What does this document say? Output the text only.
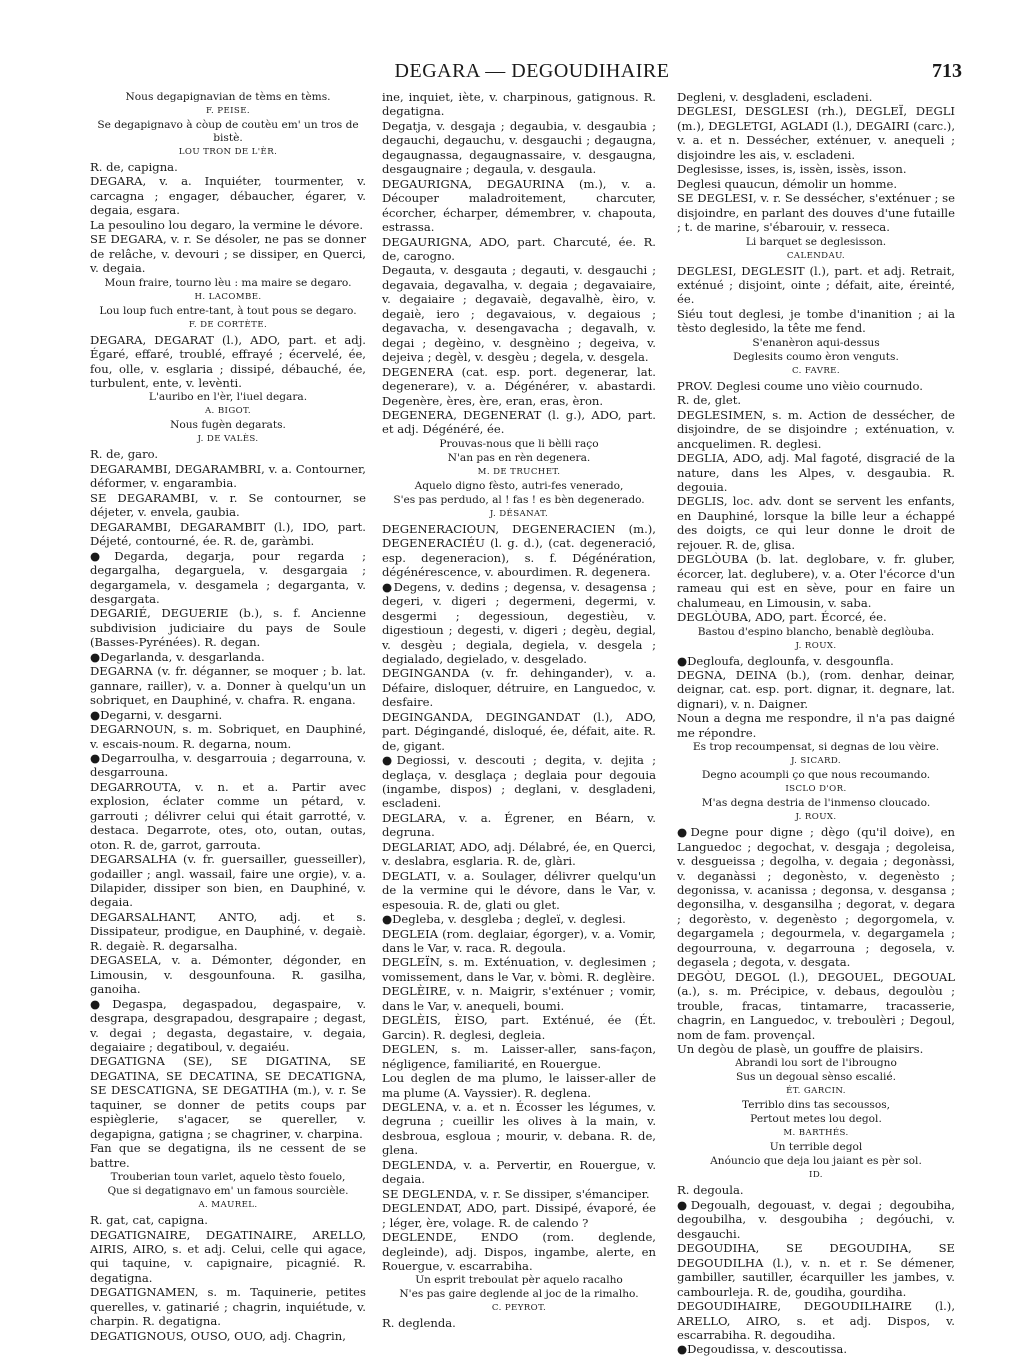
DEGARA — DEGOUDIHAIRE	713

Nous degapignavian de tèms en tèms.

F. PEISE.

Se degapignavo à còup de coutèu em' un tros de bistè.

LOU TRON DE L'ÈR.

R. de, capigna.

DEGARA, v. a. Inquiéter, tourmenter, v. carcagna ; engager, débaucher, égarer, v. degaia, esgara.

La pesoulino lou degaro, la vermine le dévore.

SE DEGARA, v. r. Se désoler, ne pas se donner de relâche, v. devouri ; se dissiper, en Querci, v. degaia.

Moun fraire, tourno lèu : ma maire se degaro.

H. LACOMBE.

Lou loup fuch entre-tant, à tout pous se degaro.

F. DE CORTÈTE.

DEGARA, DEGARAT (l.), ADO, part. et adj. Égaré, effaré, troublé, effrayé ; écervelé, ée, fou, olle, v. esglaria ; dissipé, débauché, ée, turbulent, ente, v. levènti.

L'auribo en l'èr, l'iuel degara.

A. BIGOT.

Nous fugèn degarats.

J. DE VALÈS.

R. de, garo.

DEGARAMBI, DEGARAMBRI, v. a. Contourner, déformer, v. engarambia.

SE DEGARAMBI, v. r. Se contourner, se déjeter, v. envela, gaubia.

DEGARAMBI, DEGARAMBIT (l.), IDO, part. Déjeté, contourné, ée. R. de, garàmbi.

●Degarda, degarja, pour regarda ; degargalha, degarguela, v. desgargaia ; degargamela, v. desgamela ; degarganta, v. desgargata.

DEGARIÉ, DEGUERIE (b.), s. f. Ancienne subdivision judiciaire du pays de Soule (Basses-Pyrénées). R. degan.

●Degarlanda, v. desgarlanda.

DEGARNA (v. fr. déganner, se moquer ; b. lat. gannare, railler), v. a. Donner à quelqu'un un sobriquet, en Dauphiné, v. chafra. R. engana.

●Degarni, v. desgarni.

DEGARNOUN, s. m. Sobriquet, en Dauphiné, v. escais-noum. R. degarna, noum.

●Degarroulha, v. desgarrouia ; degarrouna, v. desgarrouna.

DEGARROUTA, v. n. et a. Partir avec explosion, éclater comme un pétard, v. garrouti ; délivrer celui qui était garrotté, v. destaca. Degarrote, otes, oto, outan, outas, oton. R. de, garrot, garrouta.

DEGARSALHA (v. fr. guersailler, guesseiller), godailler ; angl. wassail, faire une orgie), v. a. Dilapider, dissiper son bien, en Dauphiné, v. degaia.

DEGARSALHANT, ANTO, adj. et s. Dissipateur, prodigue, en Dauphiné, v. degaiè. R. degaiè. R. degarsalha.

DEGASELA, v. a. Démonter, dégonder, en Limousin, v. desgounfouna. R. gasilha, ganoiha.

●Degaspa, degaspadou, degaspaire, v. desgrapa, desgrapadou, desgrapaire ; degast, v. degai ; degasta, degastaire, v. degaia, degaiaire ; degatiboul, v. degaiéu.

DEGATIGNA (SE), SE DIGATINA, SE DEGATINA, SE DECATINA, SE DECATIGNA, SE DESCATIGNA, SE DEGATIHA (m.), v. r. Se taquiner, se donner de petits coups par espièglerie, s'agacer, se quereller, v. degapigna, gatigna ; se chagriner, v. charpina.

Fan que se degatigna, ils ne cessent de se battre.

Trouberian toun varlet, aquelo tèsto fouelo,

Que si degatignavo em' un famous sourcièle.

A. MAUREL.

R. gat, cat, capigna.

DEGATIGNAIRE, DEGATINAIRE, ARELLO, AIRIS, AIRO, s. et adj. Celui, celle qui agace, qui taquine, v. capignaire, picagnié. R. degatigna.

DEGATIGNAMEN, s. m. Taquinerie, petites querelles, v. gatinarié ; chagrin, inquiétude, v. charpin. R. degatigna.

DEGATIGNOUS, OUSO, OUO, adj. Chagrin,

ine, inquiet, iète, v. charpinous, gatignous. R. degatigna.

Degatja, v. desgaja ; degaubia, v. desgaubia ; degauchi, degauchu, v. desgauchi ; degaugna, degaugnassa, degaugnassaire, v. desgaugna, desgaugnaire ; degaula, v. desgaula.

DEGAURIGNA, DEGAURINA (m.), v. a. Découper maladroitement, charcuter, écorcher, écharper, démembrer, v. chapouta, estrassa.

DEGAURIGNA, ADO, part. Charcuté, ée. R. de, carogno.

Degauta, v. desgauta ; degauti, v. desgauchi ; degavaia, degavalha, v. degaia ; degavaiaire, v. degaiaire ; degavaiè, degavalhè, èiro, v. degaiè, iero ; degavaious, v. degaious ; degavacha, v. desengavacha ; degavalh, v. degai ; degèino, v. desgnèino ; degeiva, v. dejeiva ; degèl, v. desgèu ; degela, v. desgela.

DEGENERA (cat. esp. port. degenerar, lat. degenerare), v. a. Dégénérer, v. abastardi. Degenère, ères, ère, eran, eras, èron.

DEGENERA, DEGENERAT (l. g.), ADO, part. et adj. Dégénéré, ée.

Prouvas-nous que li bèlli raço

N'an pas en rèn degenera.

M. DE TRUCHET.

Aquelo digno fèsto, autri-fes venerado,

S'es pas perdudo, al ! fas ! es bèn degenerado.

J. DÉSANAT.

DEGENERACIOUN, DEGENERACIEN (m.), DEGENERACIÉU (l. g. d.), (cat. degeneració, esp. degeneracion), s. f. Dégénération, dégénérescence, v. abourdimen. R. degenera.

●Degens, v. dedins ; degensa, v. desagensa ; degeri, v. digeri ; degermeni, degermi, v. desgermi ; degessioun, degestièu, v. digestioun ; degesti, v. digeri ; degèu, degial, v. desgèu ; degiala, degiela, v. desgela ; degialado, degielado, v. desgelado.

DEGINGANDA (v. fr. dehingander), v. a. Défaire, disloquer, détruire, en Languedoc, v. desfaire.

DEGINGANDA, DEGINGANDAT (l.), ADO, part. Dégingandé, disloqué, ée, défait, aite. R. de, gigant.

●Degiossi, v. descouti ; degita, v. dejita ; deglaça, v. desglaça ; deglaia pour degouia (ingambe, dispos) ; deglani, v. desgladeni, escladeni.

DEGLARA, v. a. Égrener, en Béarn, v. degruna.

DEGLARIAT, ADO, adj. Délabré, ée, en Querci, v. deslabra, esglaria. R. de, glàri.

DEGLATI, v. a. Soulager, délivrer quelqu'un de la vermine qui le dévore, dans le Var, v. espesouia. R. de, glati ou glet.

●Degleba, v. desgleba ; degleï, v. deglesi.

DEGLEIA (rom. deglaiar, égorger), v. a. Vomir, dans le Var, v. raca. R. degoula.

DEGLEÏN, s. m. Exténuation, v. deglesimen ; vomissement, dans le Var, v. bòmi. R. deglèire.

DEGLÈIRE, v. n. Maigrir, s'exténuer ; vomir, dans le Var, v. anequeli, boumi.

DEGLÈIS, ÈISO, part. Exténué, ée (Ét. Garcin). R. deglesi, degleia.

DEGLEN, s. m. Laisser-aller, sans-façon, négligence, familiarité, en Rouergue.

Lou deglen de ma plumo, le laisser-aller de ma plume (A. Vayssier). R. deglena.

DEGLENA, v. a. et n. Écosser les légumes, v. degruna ; cueillir les olives à la main, v. desbroua, esgloua ; mourir, v. debana. R. de, glena.

DEGLENDA, v. a. Pervertir, en Rouergue, v. degaia.

SE DEGLENDA, v. r. Se dissiper, s'émanciper.

DEGLENDAT, ADO, part. Dissipé, évaporé, ée ; léger, ère, volage. R. de calendo ?

DEGLENDE, ENDO (rom. deglende, degleinde), adj. Dispos, ingambe, alerte, en Rouergue, v. escarrabiha.

Un esprit treboulat pèr aquelo racalho

N'es pas gaire deglende al joc de la rimalho.

C. PEYROT.

R. deglenda.

Degleni, v. desgladeni, escladeni.

DEGLESI, DESGLESI (rh.), DEGLEÏ, DEGLI (m.), DEGLETGI, AGLADI (l.), DEGAIRI (carc.), v. a. et n. Dessécher, exténuer, v. anequeli ; disjoindre les ais, v. escladeni.

Deglesisse, isses, is, issèn, issès, isson.

Deglesi quaucun, démolir un homme.

SE DEGLESI, v. r. Se dessécher, s'exténuer ; se disjoindre, en parlant des douves d'une futaille ; t. de marine, s'ébarouir, v. resseca.

Li barquet se deglesisson.

CALENDAU.

DEGLESI, DEGLESIT (l.), part. et adj. Retrait, exténué ; disjoint, ointe ; défait, aite, éreinté, ée.

Siéu tout deglesi, je tombe d'inanition ; ai la tèsto deglesido, la tête me fend.

S'enanèron aqui-dessus

Deglesits coumo èron venguts.

C. FAVRE.

PROV. Deglesi coume uno vièio cournudo.

R. de, glet.

DEGLESIMEN, s. m. Action de dessécher, de disjoindre, de se disjoindre ; exténuation, v. ancquelimen. R. deglesi.

DEGLIA, ADO, adj. Mal fagoté, disgracié de la nature, dans les Alpes, v. desgaubia. R. degouia.

DEGLIS, loc. adv. dont se servent les enfants, en Dauphiné, lorsque la bille leur a échappé des doigts, ce qui leur donne le droit de rejouer. R. de, glisa.

DEGLÒUBA (b. lat. deglobare, v. fr. gluber, écorcer, lat. deglubere), v. a. Oter l'écorce d'un rameau qui est en sève, pour en faire un chalumeau, en Limousin, v. saba.

DEGLÒUBA, ADO, part. Écorcé, ée.

Bastou d'espino blancho, benablè deglòuba.

J. ROUX.

●Degloufa, deglounfa, v. desgounfla.

DEGNA, DEINA (b.), (rom. denhar, deinar, deignar, cat. esp. port. dignar, it. degnare, lat. dignari), v. n. Daigner.

Noun a degna me respondre, il n'a pas daigné me répondre.

Es trop recoumpensat, si degnas de lou vèire.

J. SICARD.

Degno acoumpli ço que nous recoumando.

ISCLO D'OR.

M'as degna destria de l'inmenso cloucado.

J. ROUX.

●Degne pour digne ; dègo (qu'il doive), en Languedoc ; degochat, v. desgaja ; degoleisa, v. desgueissa ; degolha, v. degaia ; degonàssi, v. deganàssi ; degonèsto, v. degenèsto ; degonissa, v. acanissa ; degonsa, v. desgansa ; degonsilha, v. desgansilha ; degorat, v. degara ; degorèsto, v. degenèsto ; degorgomela, v. degargamela ; degourmela, v. degargamela ; degourrouna, v. degarrouna ; degosela, v. degasela ; degota, v. desgata.

DEGÒU, DEGOL (l.), DEGOUEL, DEGOUAL (a.), s. m. Précipice, v. debaus, degoulòu ; trouble, fracas, tintamarre, tracasserie, chagrin, en Languedoc, v. treboulèri ; Degoul, nom de fam. provençal.

Un degòu de plasè, un gouffre de plaisirs.

Abrandi lou sort de l'ibrougno

Sus un degoual sènso escalié.

ÉT. GARCIN.

Terriblo dins tas secoussos,

Pertout metes lou degol.

M. BARTHÉS.

Un terrible degol

Anóuncio que deja lou jaiant es pèr sol.

ID.

R. degoula.

●Degoualh, degouast, v. degai ; degoubiha, degoubilha, v. desgoubiha ; degóuchi, v. desgauchi.

DEGOUDIHA, SE DEGOUDIHA, SE DEGOUDILHA (l.), v. n. et r. Se démener, gambiller, sautiller, écarquiller les jambes, v. cambourleja. R. de, goudiha, gourdiha.

DEGOUDIHAIRE, DEGOUDILHAIRE (l.), ARELLO, AIRO, s. et adj. Dispos, v. escarrabiha. R. degoudiha.

●Degoudissa, v. descoutissa.
